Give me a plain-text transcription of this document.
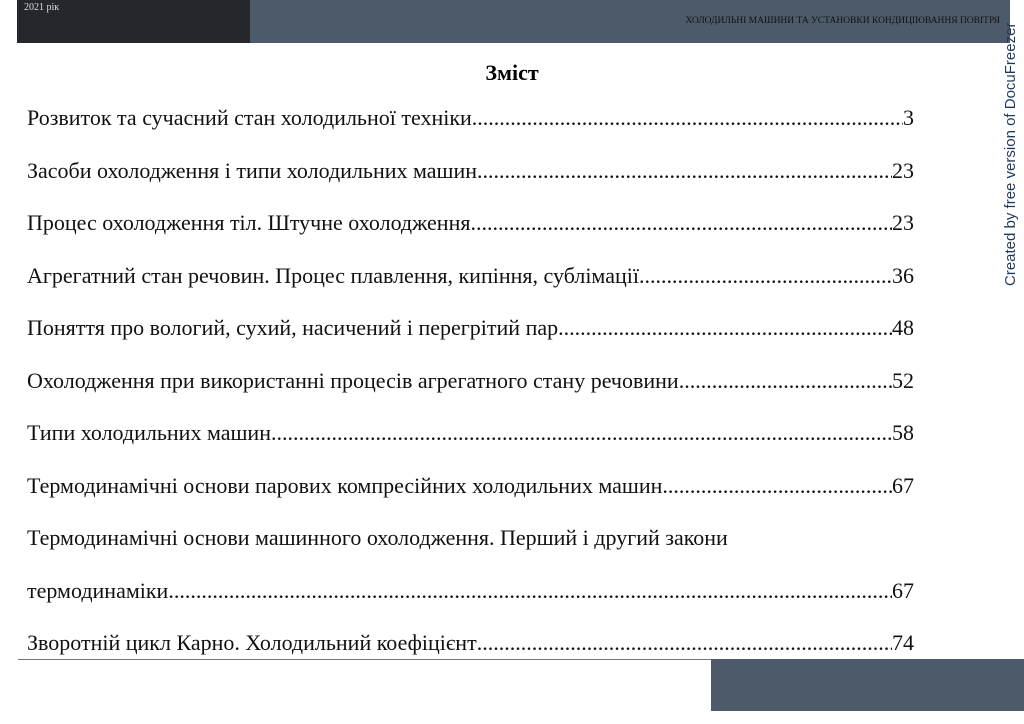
2021 рік
ХОЛОДИЛЬНІ МАШИНИ ТА УСТАНОВКИ КОНДИЦІЮВАННЯ ПОВІТРЯ
Created by free version of DocuFreezer
Зміст
Розвиток та сучасний стан холодильної техніки .....	3
Засоби охолодження і типи холодильних машин .....	23
Процес охолодження тіл. Штучне охолодження. .....	23
Агрегатний стан речовин. Процес плавлення, кипіння, сублімації .....	36
Поняття про вологий, сухий, насичений і перегрітий пар. .....	48
Охолодження при використанні процесів агрегатного стану речовини. .....	52
Типи холодильних машин. .....	58
Термодинамічні основи парових компресійних холодильних машин .....	67
Термодинамічні основи машинного охолодження. Перший і другий закони
термодинаміки .....	67
Зворотній цикл Карно. Холодильний коефіцієнт .....	74
